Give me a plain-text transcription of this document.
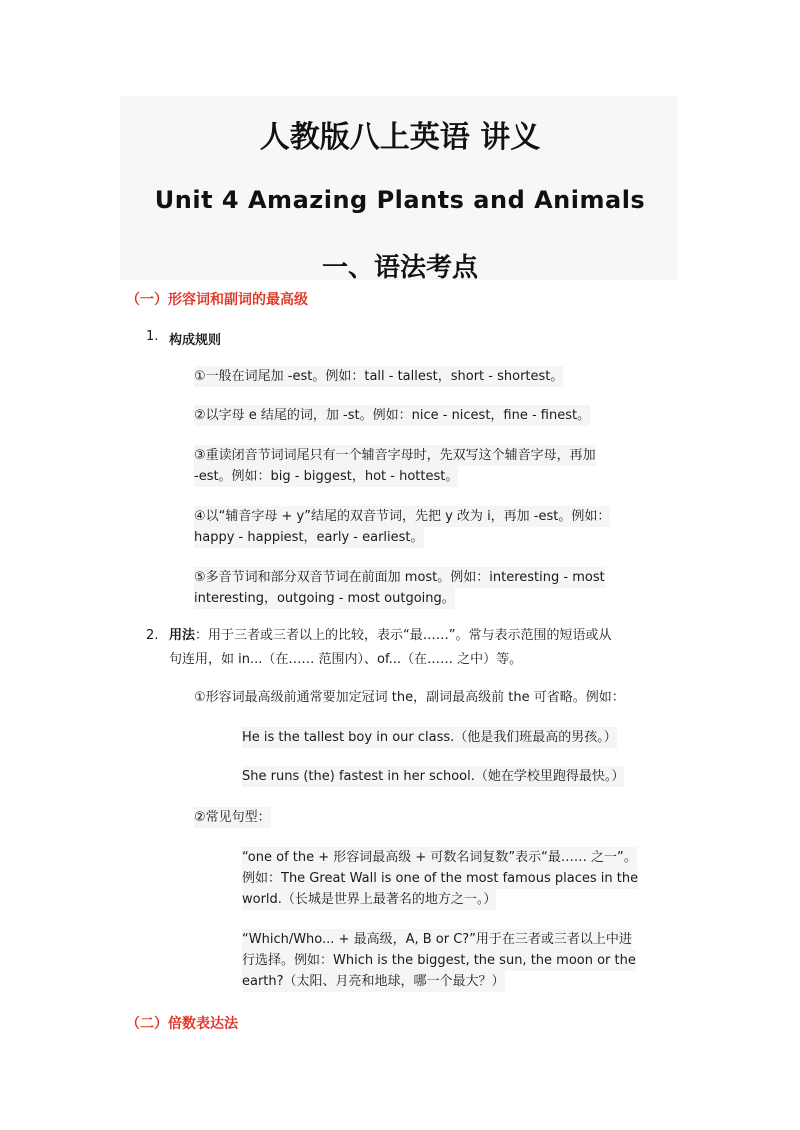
人教版八上英语 讲义
Unit 4 Amazing Plants and Animals
一、语法考点
（一）形容词和副词的最高级
1. 构成规则
①一般在词尾加 -est。例如：tall - tallest，short - shortest。
②以字母 e 结尾的词，加 -st。例如：nice - nicest，fine - finest。
③重读闭音节词词尾只有一个辅音字母时，先双写这个辅音字母，再加
-est。例如：big - biggest，hot - hottest。
④以“辅音字母 + y”结尾的双音节词，先把 y 改为 i，再加 -est。例如：
happy - happiest，early - earliest。
⑤多音节词和部分双音节词在前面加 most。例如：interesting - most
interesting，outgoing - most outgoing。
2. 用法：用于三者或三者以上的比较，表示“最……”。常与表示范围的短语或从
句连用，如 in...（在…… 范围内）、of...（在…… 之中）等。
①形容词最高级前通常要加定冠词 the，副词最高级前 the 可省略。例如：
He is the tallest boy in our class.（他是我们班最高的男孩。）
She runs (the) fastest in her school.（她在学校里跑得最快。）
②常见句型：
“one of the + 形容词最高级 + 可数名词复数”表示“最…… 之一”。
例如：The Great Wall is one of the most famous places in the
world.（长城是世界上最著名的地方之一。）
“Which/Who... + 最高级，A, B or C?”用于在三者或三者以上中进
行选择。例如：Which is the biggest, the sun, the moon or the
earth?（太阳、月亮和地球，哪一个最大？）
（二）倍数表达法
